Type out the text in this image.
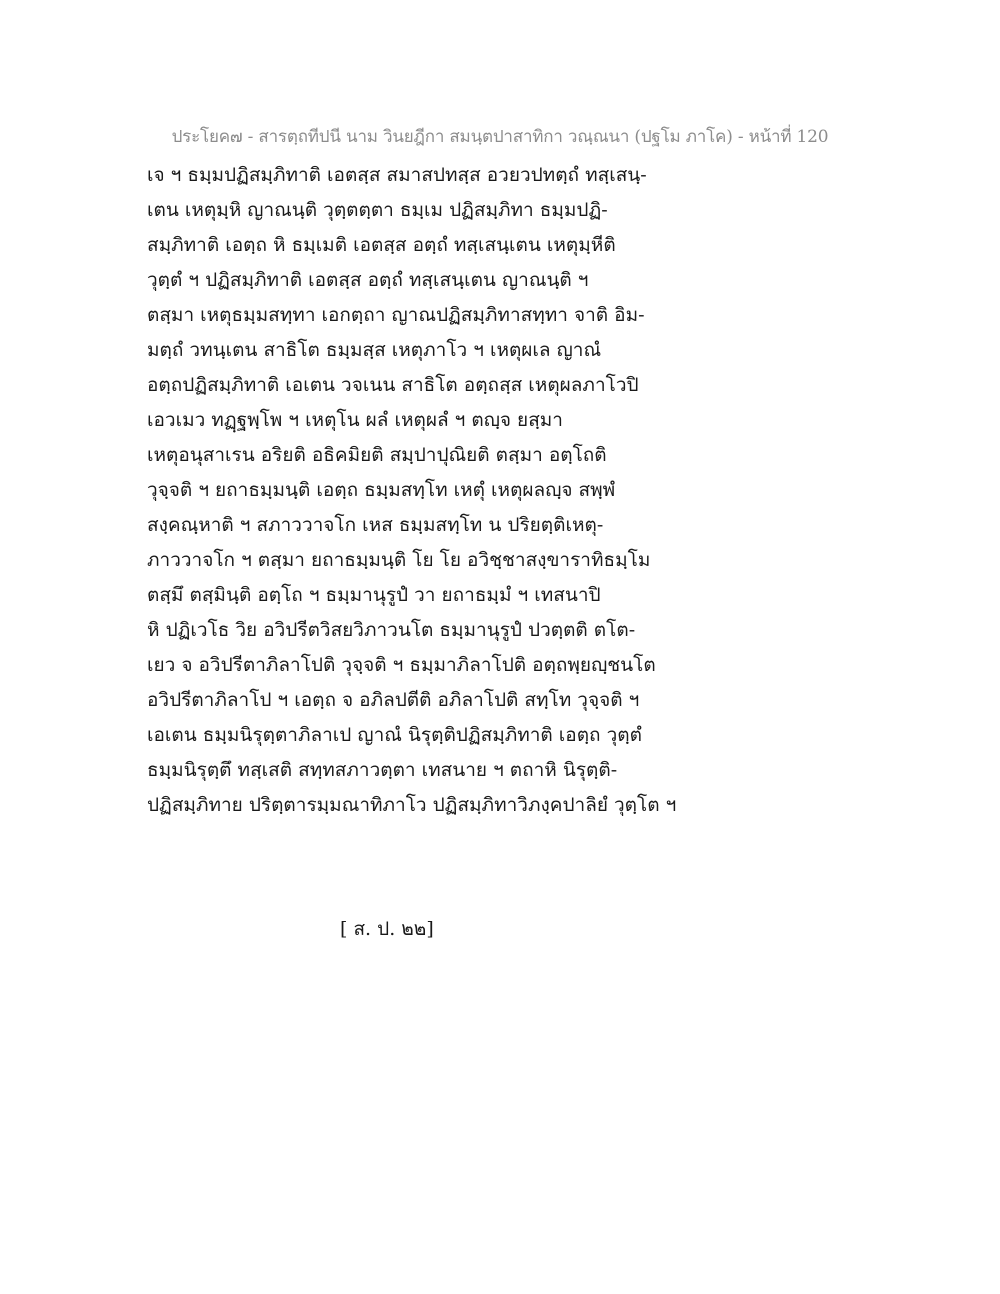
ประโยค๗ - สารตฺถทีปนี นาม วินยฎีกา สมนฺตปาสาทิกา วณฺณนา (ปฐโม ภาโค) - หน้าที่ 120
เจ ฯ ธมฺมปฏิสมฺภิทาติ เอตสฺส สมาสปทสฺส อวยวปทตฺถํ ทสฺเสนฺ-
เตน เหตุมฺหิ ญาณนฺติ วุตฺตตฺตา ธมฺเม ปฏิสมฺภิทา ธมฺมปฏิ-
สมฺภิทาติ เอตฺถ หิ ธมฺเมติ เอตสฺส อตฺถํ ทสฺเสนฺเตน เหตุมฺหีติ
วุตฺตํ ฯ ปฏิสมฺภิทาติ เอตสฺส อตฺถํ ทสฺเสนฺเตน ญาณนฺติ ฯ
ตสฺมา เหตุธมฺมสทฺทา เอกตฺถา ญาณปฏิสมฺภิทาสทฺทา จาติ อิม-
มตฺถํ วทนฺเตน สาธิโต ธมฺมสฺส เหตุภาโว ฯ เหตุผเล ญาณํ
อตฺถปฏิสมฺภิทาติ เอเตน วจเนน สาธิโต อตฺถสฺส เหตุผลภาโวปิ
เอวเมว ทฏฺฐพฺโพ ฯ เหตุโน ผลํ เหตุผลํ ฯ ตญฺจ ยสฺมา
เหตุอนุสาเรน อริยติ อธิคมิยติ สมฺปาปุณิยติ ตสฺมา อตฺโถติ
วุจฺจติ ฯ ยถาธมฺมนฺติ เอตฺถ ธมฺมสทฺโท เหตุํ เหตุผลญฺจ สพฺพํ
สงฺคณฺหาติ ฯ สภาววาจโก เหส ธมฺมสทฺโท น ปริยตฺติเหตุ-
ภาววาจโก ฯ ตสฺมา ยถาธมฺมนฺติ โย โย อวิชฺชาสงฺขาราทิธมฺโม
ตสฺมึ ตสฺมินฺติ อตฺโถ ฯ ธมฺมานุรูปํ วา ยถาธมฺมํ ฯ เทสนาปิ
หิ ปฏิเวโธ วิย อวิปรีตวิสยวิภาวนโต ธมฺมานุรูปํ ปวตฺตติ ตโต-
เยว จ อวิปรีตาภิลาโปติ วุจฺจติ ฯ ธมฺมาภิลาโปติ อตฺถพฺยญฺชนโต
อวิปรีตาภิลาโป ฯ เอตฺถ จ อภิลปตีติ อภิลาโปติ สทฺโท วุจฺจติ ฯ
เอเตน ธมฺมนิรุตฺตาภิลาเป ญาณํ นิรุตฺติปฏิสมฺภิทาติ เอตฺถ วุตฺตํ
ธมฺมนิรุตฺตึ ทสฺเสติ สทฺทสภาวตฺตา เทสนาย ฯ ตถาหิ นิรุตฺติ-
ปฏิสมฺภิทาย ปริตฺตารมฺมณาทิภาโว ปฏิสมฺภิทาวิภงฺคปาลิยํ วุตฺโต ฯ
[ ส. ป. ๒๒]
